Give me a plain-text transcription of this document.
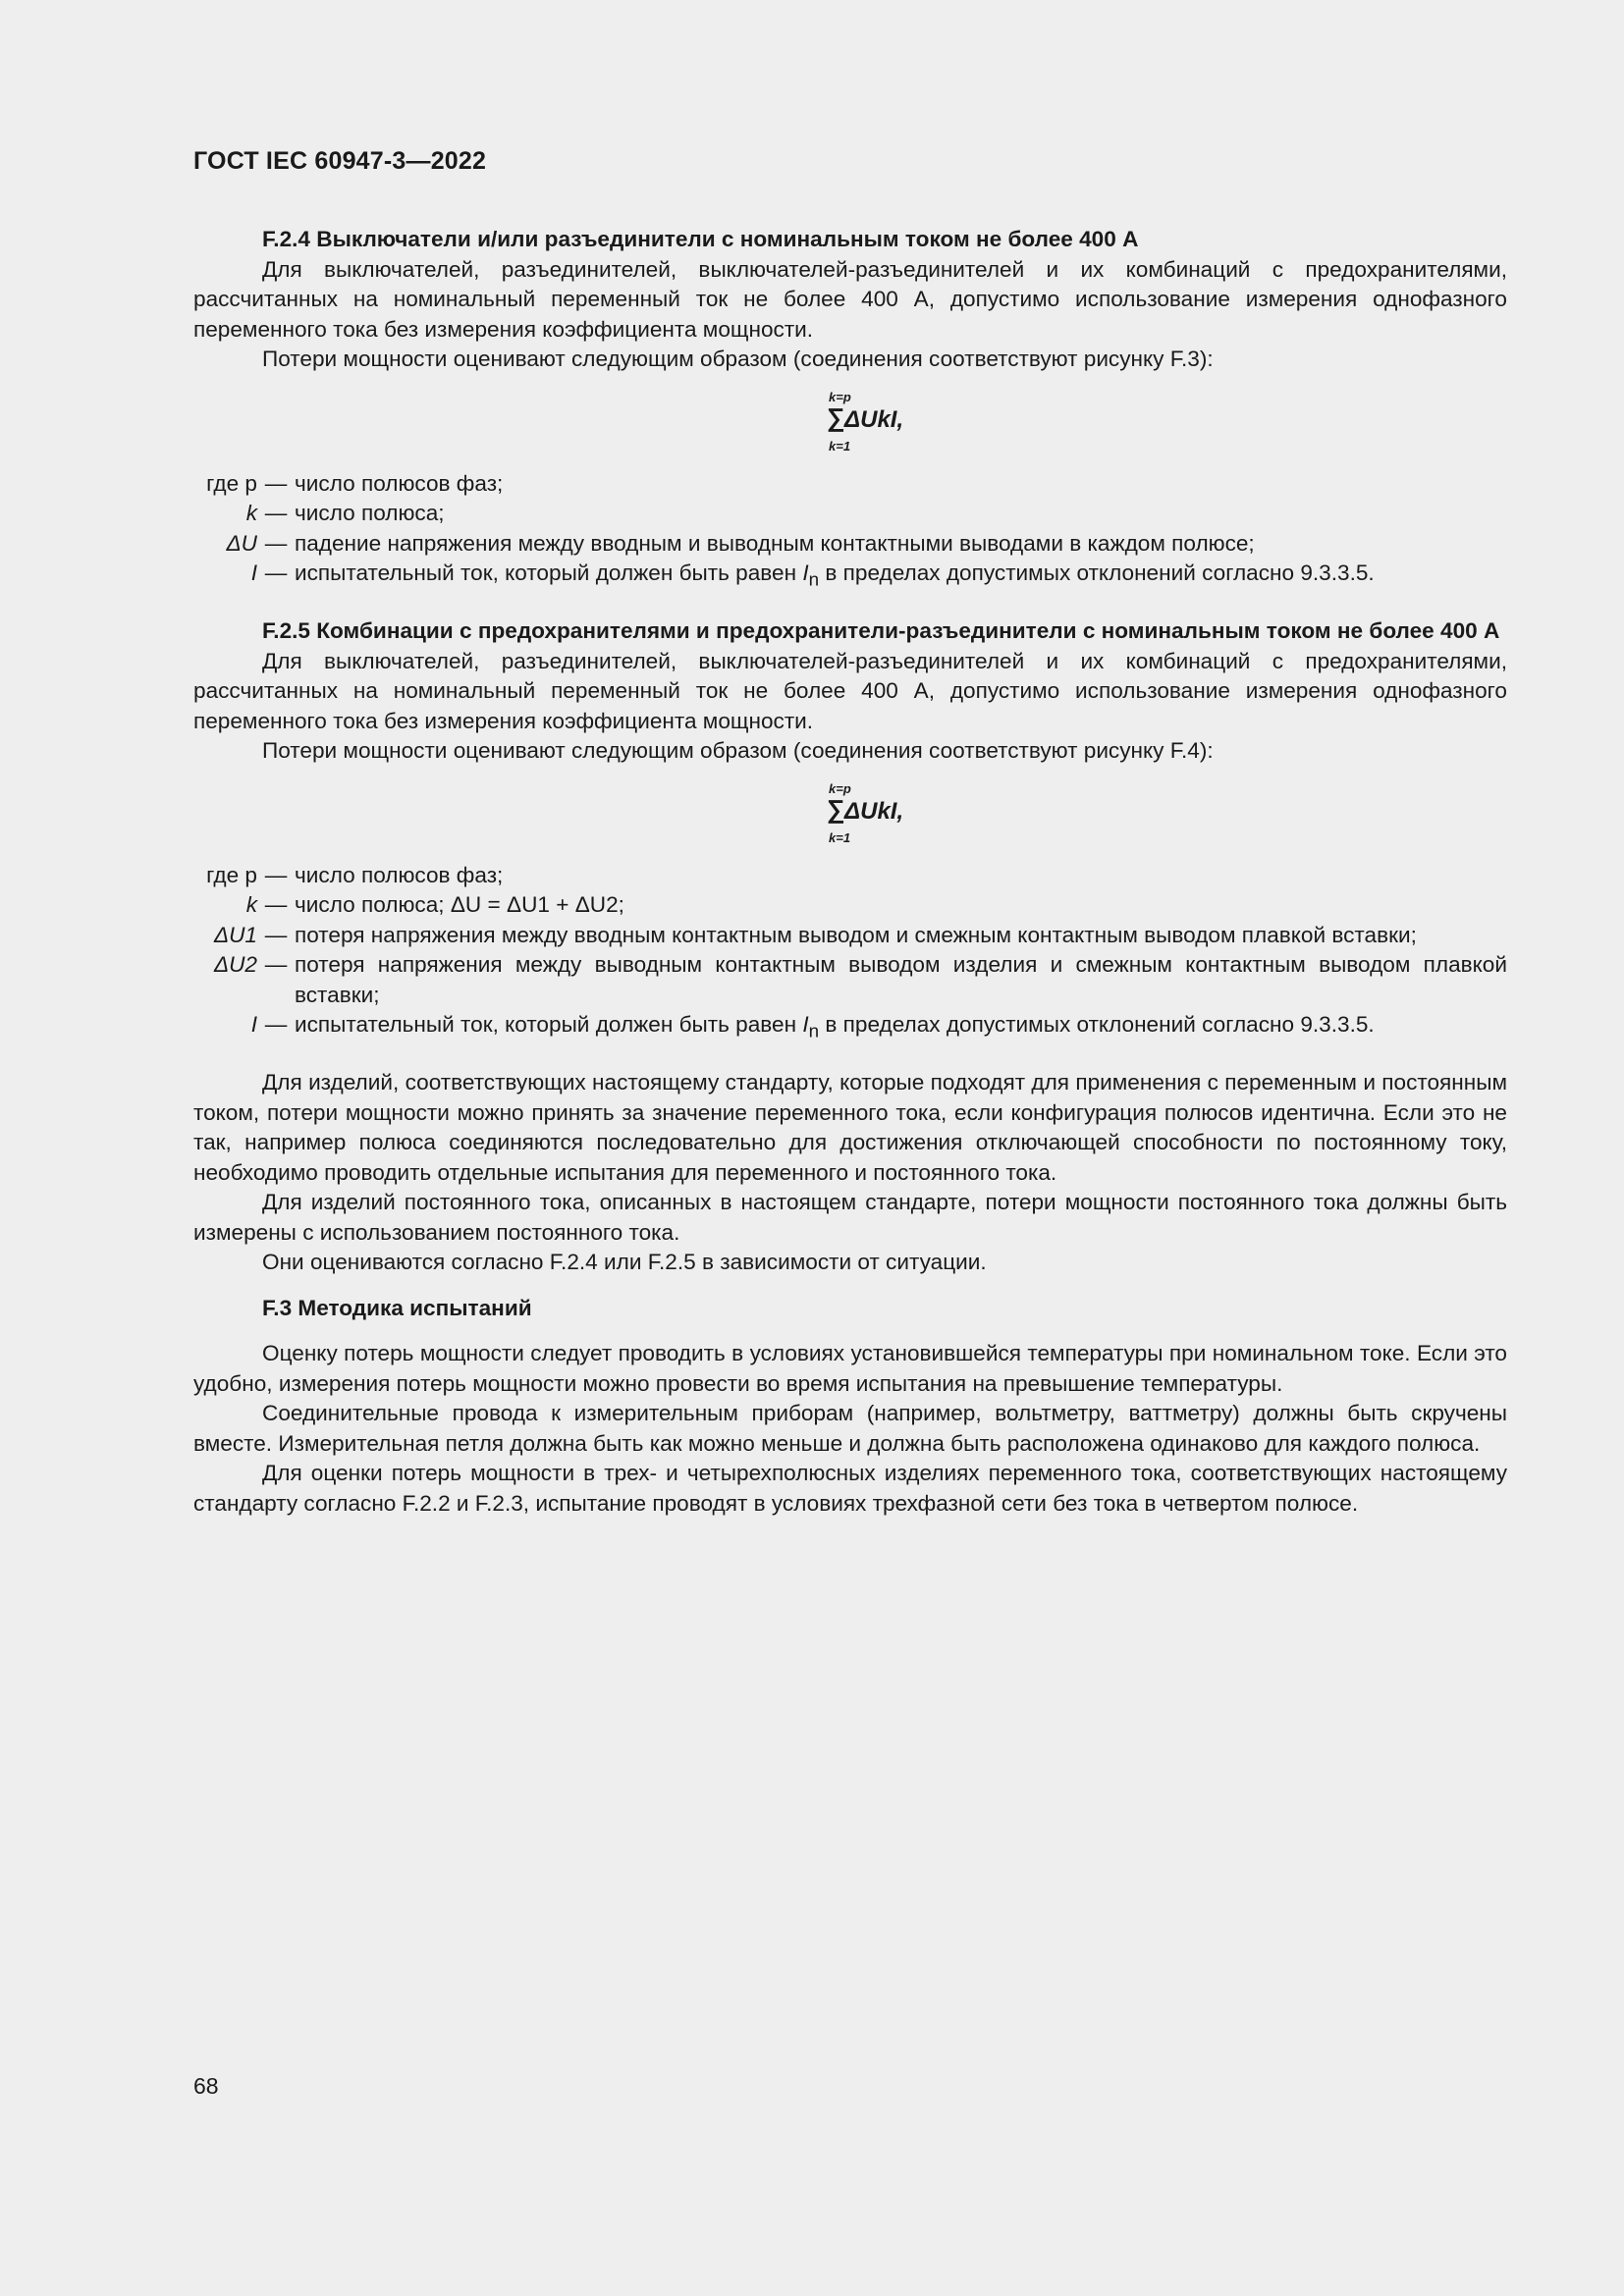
ГОСТ IEC 60947-3—2022
F.2.4 Выключатели и/или разъединители с номинальным током не более 400 А

Для выключателей, разъединителей, выключателей-разъединителей и их комбинаций с предохранителями, рассчитанных на номинальный переменный ток не более 400 А, допустимо использование измерения однофазного переменного тока без измерения коэффициента мощности.

Потери мощности оценивают следующим образом (соединения соответствуют рисунку F.3):

k=p
∑
k=1
ΔUkI,
где p — число полюсов фаз;
k — число полюса;
ΔU — падение напряжения между вводным и выводным контактными выводами в каждом полюсе;
I — испытательный ток, который должен быть равен $I_n$ в пределах допустимых отклонений согласно 9.3.3.5.

F.2.5 Комбинации с предохранителями и предохранители-разъединители с номинальным током не более 400 А

Для выключателей, разъединителей, выключателей-разъединителей и их комбинаций с предохранителями, рассчитанных на номинальный переменный ток не более 400 А, допустимо использование измерения однофазного переменного тока без измерения коэффициента мощности.

Потери мощности оценивают следующим образом (соединения соответствуют рисунку F.4):

k=p
∑
k=1
ΔUkI,
где p — число полюсов фаз;
k — число полюса; ΔU = ΔU1 + ΔU2;
ΔU1 — потеря напряжения между вводным контактным выводом и смежным контактным выводом плавкой вставки;
ΔU2 — потеря напряжения между выводным контактным выводом изделия и смежным контактным выводом плавкой вставки;
I — испытательный ток, который должен быть равен $I_n$ в пределах допустимых отклонений согласно 9.3.3.5.

Для изделий, соответствующих настоящему стандарту, которые подходят для применения с переменным и постоянным током, потери мощности можно принять за значение переменного тока, если конфигурация полюсов идентична. Если это не так, например полюса соединяются последовательно для достижения отключающей способности по постоянному току, необходимо проводить отдельные испытания для переменного и постоянного тока.

Для изделий постоянного тока, описанных в настоящем стандарте, потери мощности постоянного тока должны быть измерены с использованием постоянного тока.

Они оцениваются согласно F.2.4 или F.2.5 в зависимости от ситуации.

F.3 Методика испытаний

Оценку потерь мощности следует проводить в условиях установившейся температуры при номинальном токе. Если это удобно, измерения потерь мощности можно провести во время испытания на превышение температуры.

Соединительные провода к измерительным приборам (например, вольтметру, ваттметру) должны быть скручены вместе. Измерительная петля должна быть как можно меньше и должна быть расположена одинаково для каждого полюса.

Для оценки потерь мощности в трех- и четырехполюсных изделиях переменного тока, соответствующих настоящему стандарту согласно F.2.2 и F.2.3, испытание проводят в условиях трехфазной сети без тока в четвертом полюсе.

68
